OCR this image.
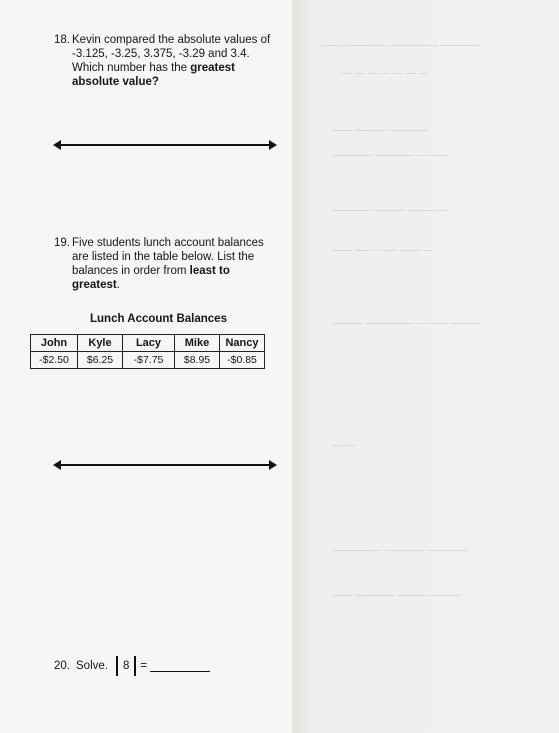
———— ————— ———— ——
— — — — — — —
———— ——— ——
——— ———— ————
———— ——— ————
— —— —— —— ——
——— ——— ————— ———
— —
———— ———— —————
——— ——— ———— ——
18. Kevin compared the absolute values of
-3.125, -3.25, 3.375, -3.29 and 3.4.
Which number has the greatest
absolute value?
19. Five students lunch account balances
are listed in the table below. List the
balances in order from least to
greatest.
Lunch Account Balances
John	Kyle	Lacy	Mike	Nancy
-$2.50	$6.25	-$7.75	$8.95	-$0.85
20. Solve.	8 =
